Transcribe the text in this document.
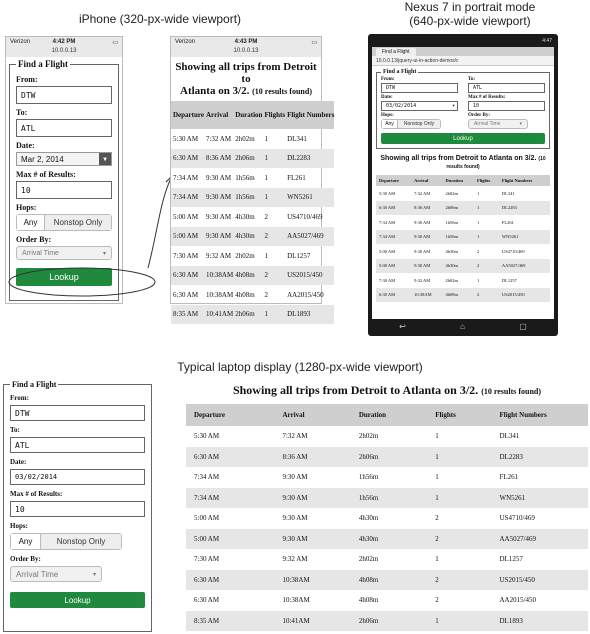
iPhone (320-px-wide viewport)
Nexus 7 in portrait mode
(640-px-wide viewport)
Typical laptop display (1280-px-wide viewport)
Verizon	4:42 PM
10.0.0.13
▭
Find a Flight
From:
DTW
To:
ATL
Date:
Mar 2, 2014	▼
Max # of Results:
10
Hops:
Any	Nonstop Only
Order By:
Arrival Time	▾
Lookup
Verizon	4:43 PM
10.0.0.13
▭
Showing all trips from Detroit to
Atlanta on 3/2. (10 results found)
Departure	Arrival	Duration	Flights	Flight Numbers
5:30 AM	7:32 AM	2h02m	1	DL341
6:30 AM	8:36 AM	2h06m	1	DL2283
7:34 AM	9:30 AM	1h56m	1	FL261
7:34 AM	9:30 AM	1h56m	1	WN5261
5:00 AM	9:30 AM	4h30m	2	US4710/469
5:00 AM	9:30 AM	4h30m	2	AA5027/469
7:30 AM	9:32 AM	2h02m	1	DL1257
6:30 AM	10:38AM	4h08m	2	US2015/450
6:30 AM	10:38AM	4h08m	2	AA2015/450
8:35 AM	10:41AM	2h06m	1	DL1893
4:47
Find a Flight
10.0.0.13/jquery-ui-in-action-demos/c
Find a Flight
From:
DTW
Date:
03/02/2014	▾
Hops:
Any	Nonstop Only
To:
ATL
Max # of Results:
10
Order By:
Arrival Time	▾
Lookup
Showing all trips from Detroit to Atlanta on 3/2. (10 results found)
Departure	Arrival	Duration	Flights	Flight Numbers
5:30 AM	7:32 AM	2h02m	1	DL341
6:30 AM	8:36 AM	2h06m	1	DL2283
7:34 AM	9:30 AM	1h56m	1	FL261
7:34 AM	9:30 AM	1h56m	1	WN5261
5:00 AM	9:30 AM	4h30m	2	US4710/469
5:00 AM	9:30 AM	4h30m	2	AA5027/469
7:30 AM	9:32 AM	2h02m	1	DL1257
6:30 AM	10:38AM	4h08m	2	US2015/450
↩	⌂	▢
Find a Flight
From:
DTW
To:
ATL
Date:
03/02/2014
Max # of Results:
10
Hops:
Any	Nonstop Only
Order By:
Arrival Time	▾
Lookup
Showing all trips from Detroit to Atlanta on 3/2. (10 results found)
Departure	Arrival	Duration	Flights	Flight Numbers
5:30 AM	7:32 AM	2h02m	1	DL341
6:30 AM	8:36 AM	2h06m	1	DL2283
7:34 AM	9:30 AM	1h56m	1	FL261
7:34 AM	9:30 AM	1h56m	1	WN5261
5:00 AM	9:30 AM	4h30m	2	US4710/469
5:00 AM	9:30 AM	4h30m	2	AA5027/469
7:30 AM	9:32 AM	2h02m	1	DL1257
6:30 AM	10:38AM	4h08m	2	US2015/450
6:30 AM	10:38AM	4h08m	2	AA2015/450
8:35 AM	10:41AM	2h06m	1	DL1893
